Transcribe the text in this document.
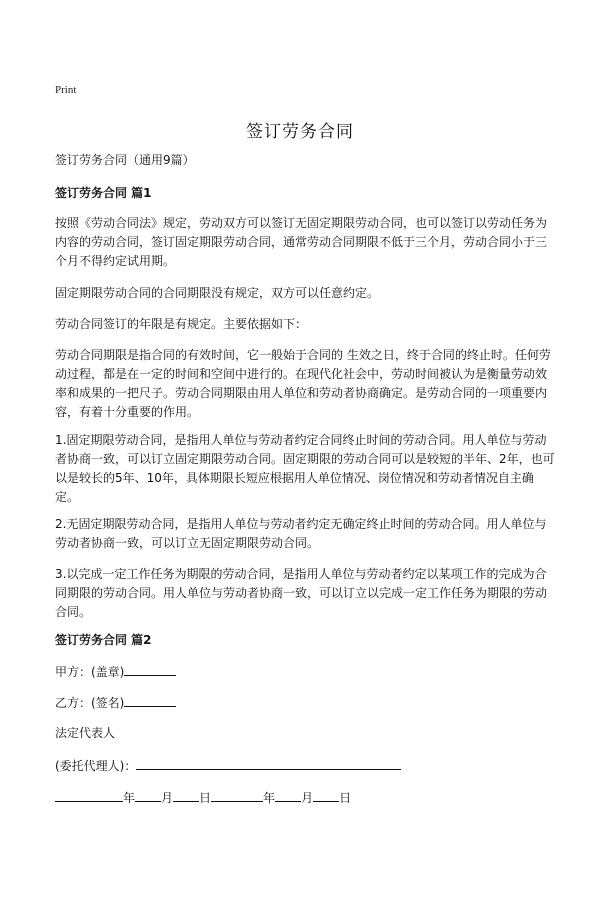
Print
签订劳务合同

签订劳务合同（通用9篇）

签订劳务合同 篇1

按照《劳动合同法》规定，劳动双方可以签订无固定期限劳动合同，也可以签订以劳动任务为内容的劳动合同，签订固定期限劳动合同，通常劳动合同期限不低于三个月，劳动合同小于三个月不得约定试用期。

固定期限劳动合同的合同期限没有规定，双方可以任意约定。

劳动合同签订的年限是有规定。主要依据如下：

劳动合同期限是指合同的有效时间，它一般始于合同的 生效之日，终于合同的终止时。任何劳动过程，都是在一定的时间和空间中进行的。在现代化社会中，劳动时间被认为是衡量劳动效率和成果的一把尺子。劳动合同期限由用人单位和劳动者协商确定。是劳动合同的一项重要内容，有着十分重要的作用。

1.固定期限劳动合同，是指用人单位与劳动者约定合同终止时间的劳动合同。用人单位与劳动者协商一致，可以订立固定期限劳动合同。固定期限的劳动合同可以是较短的半年、2年，也可以是较长的5年、10年，具体期限长短应根据用人单位情况、岗位情况和劳动者情况自主确定。

2.无固定期限劳动合同，是指用人单位与劳动者约定无确定终止时间的劳动合同。用人单位与劳动者协商一致，可以订立无固定期限劳动合同。

3.以完成一定工作任务为期限的劳动合同，是指用人单位与劳动者约定以某项工作的完成为合同期限的劳动合同。用人单位与劳动者协商一致，可以订立以完成一定工作任务为期限的劳动合同。

签订劳务合同 篇2

甲方：(盖章)
乙方：(签名)
法定代表人
(委托代理人)：
年 月 日	年 月 日
